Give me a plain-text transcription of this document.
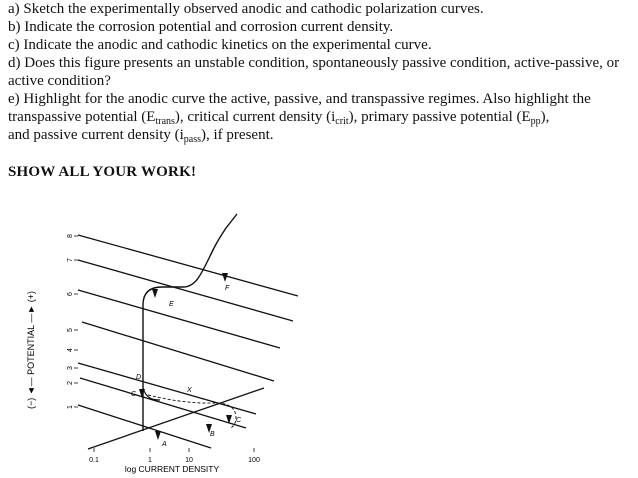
a) Sketch the experimentally observed anodic and cathodic polarization curves.

b) Indicate the corrosion potential and corrosion current density.

c) Indicate the anodic and cathodic kinetics on the experimental curve.

d) Does this figure presents an unstable condition, spontaneously passive condition, active-passive, or active condition?

e) Highlight for the anodic curve the active, passive, and transpassive regimes. Also highlight the transpassive potential $(E_{trans})$, critical current density $(i_{crit})$, primary passive potential $(E_{pp})$,
and passive current density $(i_{pass})$, if present.

SHOW ALL YOUR WORK!
(−) ◄— POTENTIAL —► (+)
8
7
6
5
4
3
2
1
0.1	1	10	100
log CURRENT DENSITY
A
B
C
D
E
F
X
C
